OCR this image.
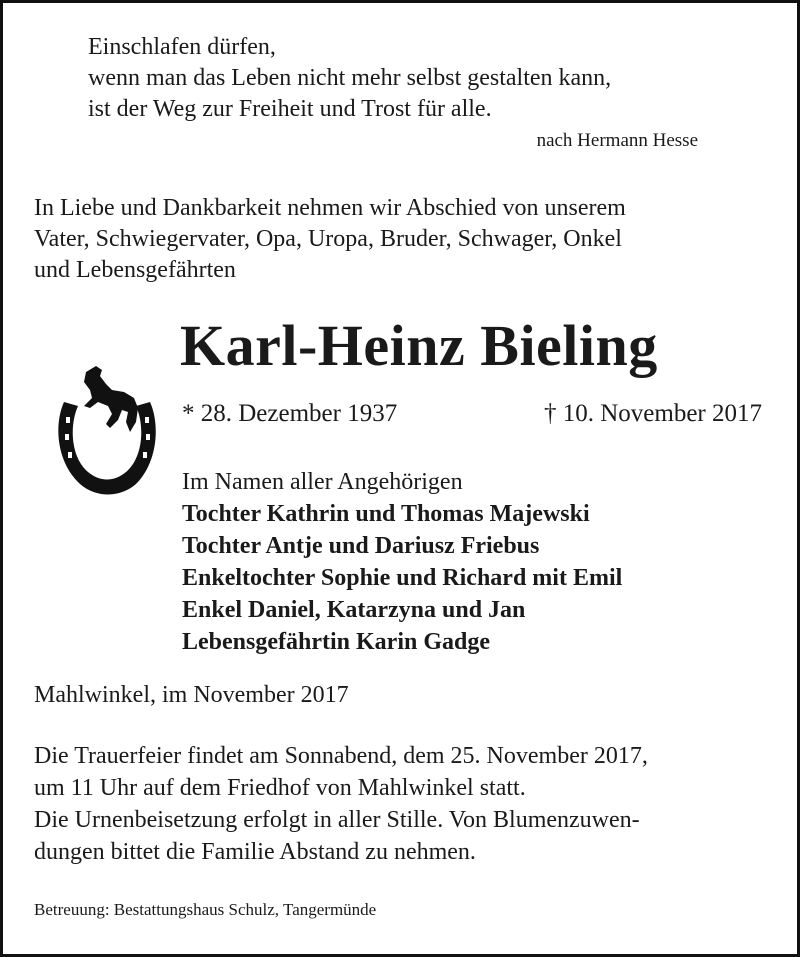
Einschlafen dürfen,
wenn man das Leben nicht mehr selbst gestalten kann,
ist der Weg zur Freiheit und Trost für alle.
nach Hermann Hesse
In Liebe und Dankbarkeit nehmen wir Abschied von unserem
Vater, Schwiegervater, Opa, Uropa, Bruder, Schwager, Onkel
und Lebensgefährten
Karl-Heinz Bieling
* 28. Dezember 1937	† 10. November 2017
Im Namen aller Angehörigen
Tochter Kathrin und Thomas Majewski
Tochter Antje und Dariusz Friebus
Enkeltochter Sophie und Richard mit Emil
Enkel Daniel, Katarzyna und Jan
Lebensgefährtin Karin Gadge
Mahlwinkel, im November 2017
Die Trauerfeier findet am Sonnabend, dem 25. November 2017,
um 11 Uhr auf dem Friedhof von Mahlwinkel statt.
Die Urnenbeisetzung erfolgt in aller Stille. Von Blumenzuwen-
dungen bittet die Familie Abstand zu nehmen.
Betreuung: Bestattungshaus Schulz, Tangermünde
